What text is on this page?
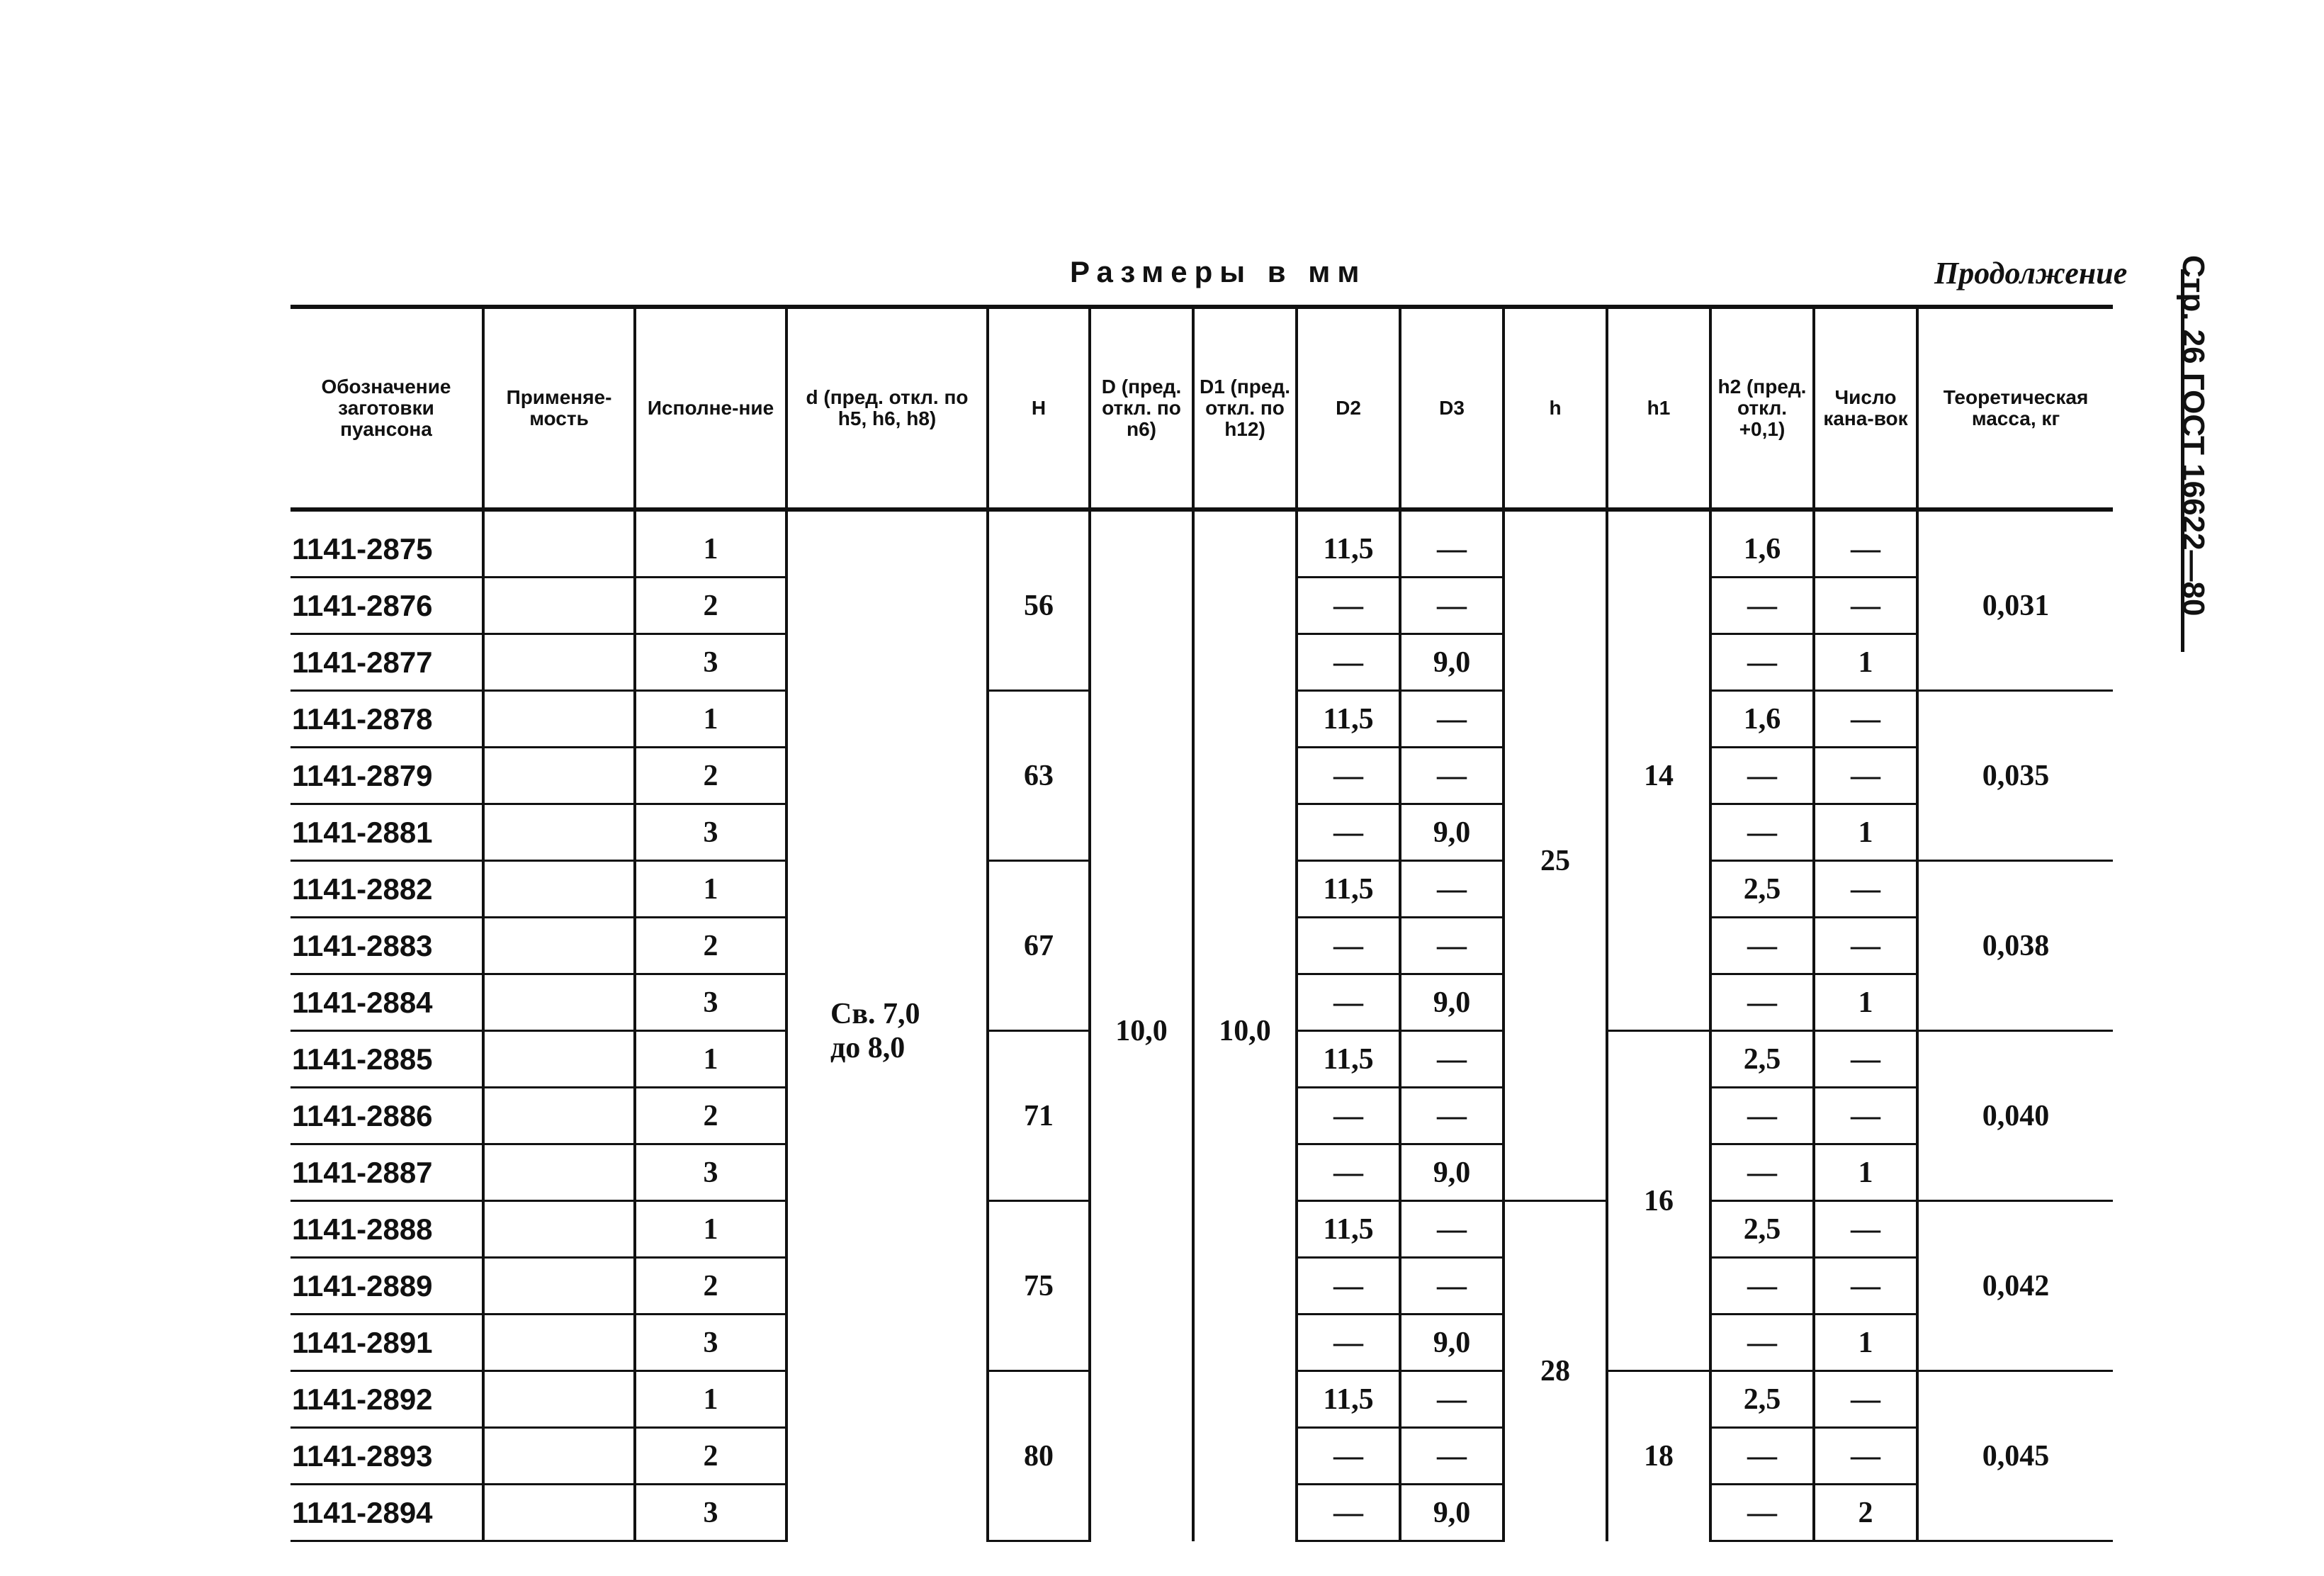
Размеры в мм	Продолжение Стр. 26 ГОСТ 16622—80
Обозначение заготовки пуансона	Применяе-мость	Исполне-ние	d (пред. откл. по h5, h6, h8)	H	D (пред. откл. по n6)	D1 (пред. откл. по h12)	D2	D3	h	h1	h2 (пред. откл. +0,1)	Число кана-вок	Теоретическая масса, кг
1141-2875		1	Св. 7,0
до 8,0	56	10,0	10,0	11,5	—	25	14	1,6	—	0,031
1141-2876		2					—	—			—	—	
1141-2877		3					—	9,0			—	1	
1141-2878		1		63			11,5	—			1,6	—	0,035
1141-2879		2					—	—			—	—	
1141-2881		3					—	9,0			—	1	
1141-2882		1		67			11,5	—			2,5	—	0,038
1141-2883		2					—	—			—	—	
1141-2884		3					—	9,0			—	1	
1141-2885		1		71			11,5	—		16	2,5	—	0,040
1141-2886		2					—	—			—	—	
1141-2887		3					—	9,0			—	1	
1141-2888		1		75			11,5	—	28		2,5	—	0,042
1141-2889		2					—	—			—	—	
1141-2891		3					—	9,0			—	1	
1141-2892		1		80			11,5	—		18	2,5	—	0,045
1141-2893		2					—	—			—	—	
1141-2894		3					—	9,0			—	2	
